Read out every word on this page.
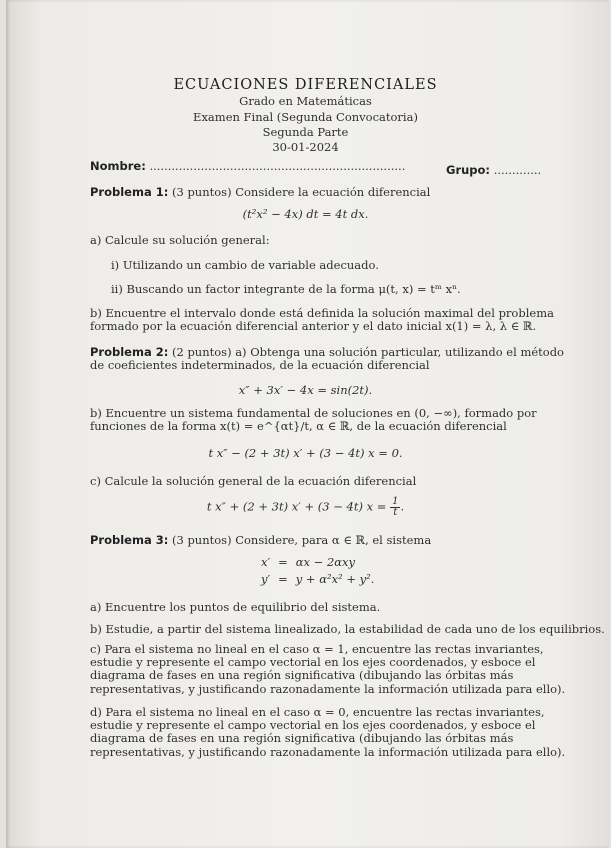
ECUACIONES DIFERENCIALES
Grado en Matemáticas
Examen Final (Segunda Convocatoria)
Segunda Parte
30-01-2024
Nombre: ......................................................................	Grupo: .............
Problema 1: (3 puntos) Considere la ecuación diferencial
(t²x² − 4x) dt = 4t dx.
a) Calcule su solución general:
i) Utilizando un cambio de variable adecuado.
ii) Buscando un factor integrante de la forma μ(t, x) = tᵐ xⁿ.
b) Encuentre el intervalo donde está definida la solución maximal del problema formado por la ecuación diferencial anterior y el dato inicial x(1) = λ, λ ∈ ℝ.
Problema 2: (2 puntos) a) Obtenga una solución particular, utilizando el método de coeficientes indeterminados, de la ecuación diferencial
x″ + 3x′ − 4x = sin(2t).
b) Encuentre un sistema fundamental de soluciones en (0, −∞), formado por funciones de la forma x(t) = e^{αt}/t, α ∈ ℝ, de la ecuación diferencial
t x″ − (2 + 3t) x′ + (3 − 4t) x = 0.
c) Calcule la solución general de la ecuación diferencial
t x″ + (2 + 3t) x′ + (3 − 4t) $x = \frac{1}{t}$ .
Problema 3: (3 puntos) Considere, para α ∈ ℝ, el sistema
x′	=	αx − 2αxy
y′	=	y + α²x² + y².
a) Encuentre los puntos de equilibrio del sistema.
b) Estudie, a partir del sistema linealizado, la estabilidad de cada uno de los equilibrios.
c) Para el sistema no lineal en el caso α = 1, encuentre las rectas invariantes, estudie y represente el campo vectorial en los ejes coordenados, y esboce el diagrama de fases en una región significativa (dibujando las órbitas más representativas, y justificando razonadamente la información utilizada para ello).
d) Para el sistema no lineal en el caso α = 0, encuentre las rectas invariantes, estudie y represente el campo vectorial en los ejes coordenados, y esboce el diagrama de fases en una región significativa (dibujando las órbitas más representativas, y justificando razonadamente la información utilizada para ello).
